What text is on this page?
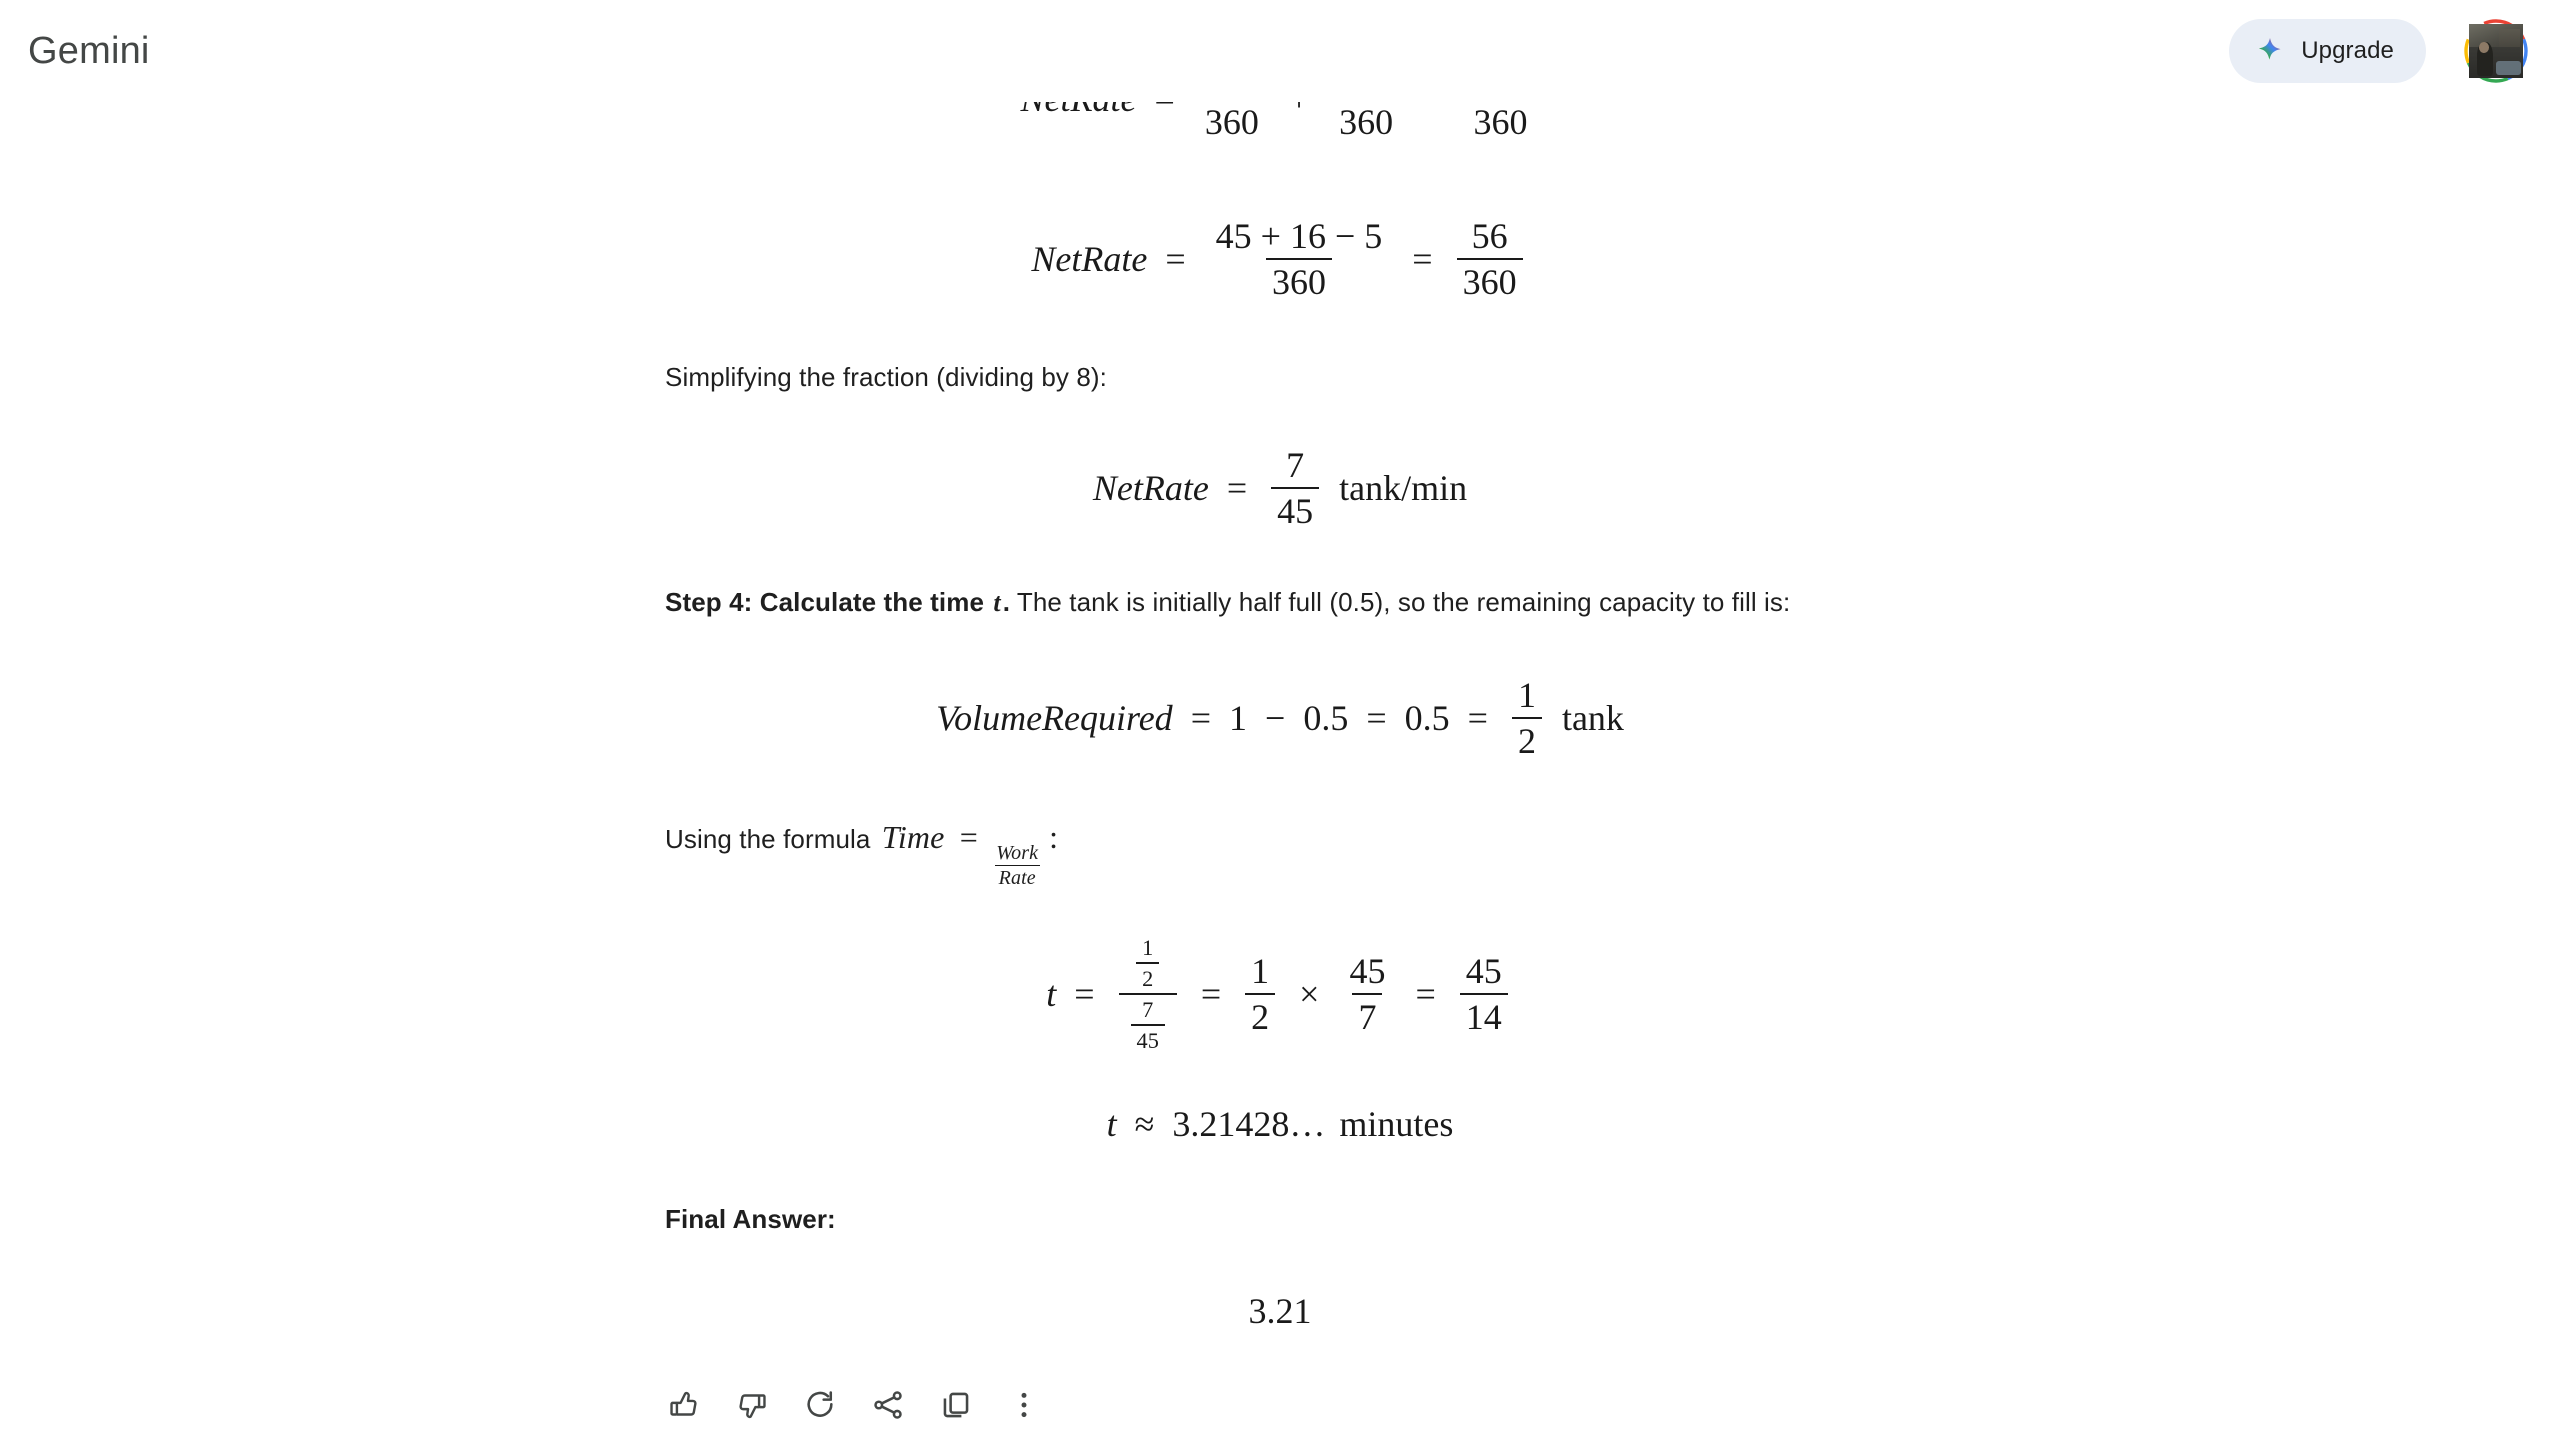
Gemini	Upgrade

360
360
360
NetRate = $\frac{45 + 16 - 5}{360} = \frac{56}{360}$

Simplifying the fraction (dividing by 8):

NetRate = $\frac{7}{45} \tan k/\min$

Step 4: Calculate the time t. The tank is initially half full (0.5), so the remaining capacity to fill is:

VolumeRequired = $1 - 0.5 = 0.5 = \frac{1}{2}$ tank

Using the formula Time =
$\frac{\text{Work}}{\text{Rate}}$
:

$t = \frac{\frac{1}{2}}{\frac{7}{45}} = \frac{1}{2} \times \frac{45}{7} = \frac{45}{14}$
t ≈ 3.21428… minutes

Final Answer:

3.21
